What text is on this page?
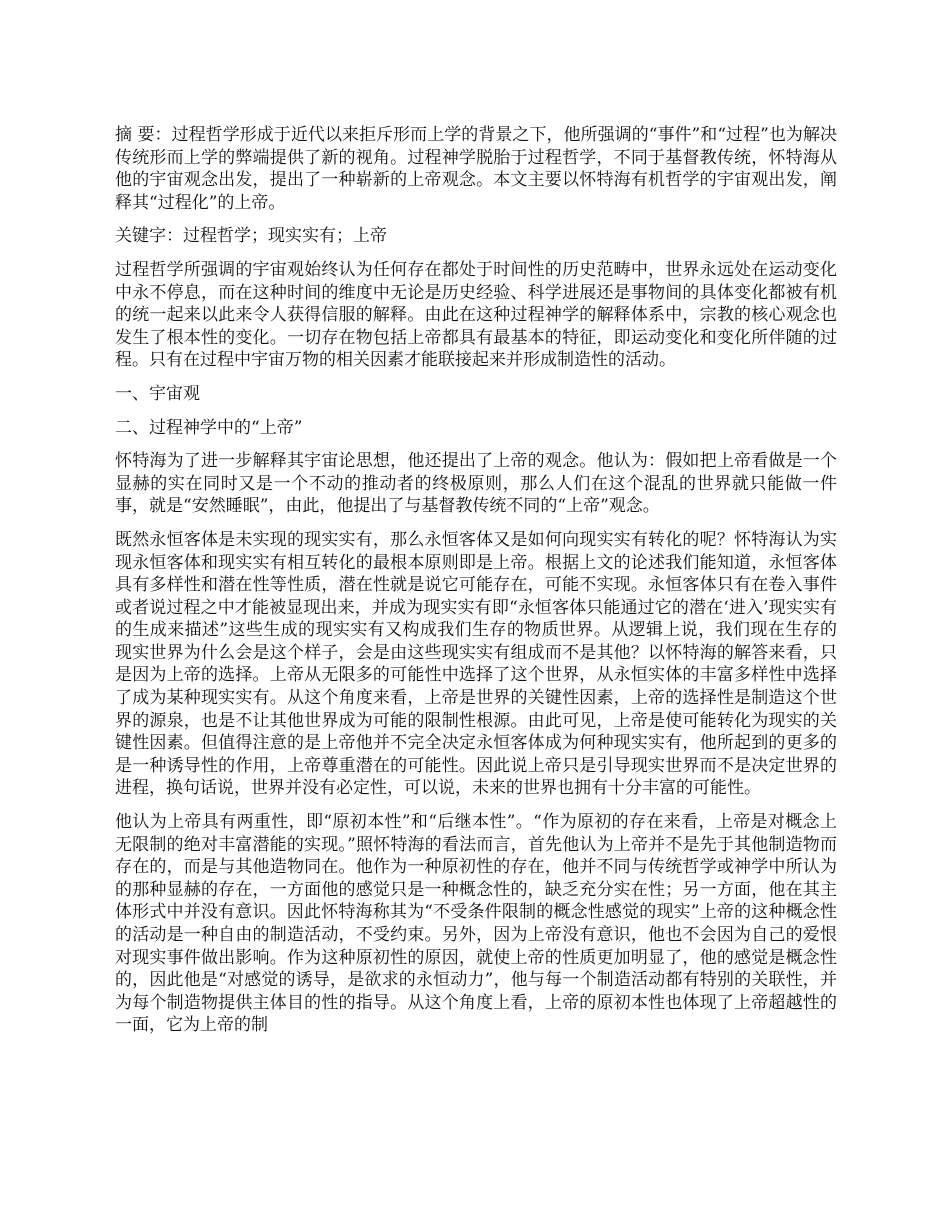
摘 要：过程哲学形成于近代以来拒斥形而上学的背景之下，他所强调的“事件”和“过程”也为解决传统形而上学的弊端提供了新的视角。过程神学脱胎于过程哲学，不同于基督教传统，怀特海从他的宇宙观念出发，提出了一种崭新的上帝观念。本文主要以怀特海有机哲学的宇宙观出发，阐释其“过程化”的上帝。

关键字：过程哲学；现实实有；上帝

过程哲学所强调的宇宙观始终认为任何存在都处于时间性的历史范畴中，世界永远处在运动变化中永不停息，而在这种时间的维度中无论是历史经验、科学进展还是事物间的具体变化都被有机的统一起来以此来令人获得信服的解释。由此在这种过程神学的解释体系中，宗教的核心观念也发生了根本性的变化。一切存在物包括上帝都具有最基本的特征，即运动变化和变化所伴随的过程。只有在过程中宇宙万物的相关因素才能联接起来并形成制造性的活动。

一、宇宙观

二、过程神学中的“上帝”

怀特海为了进一步解释其宇宙论思想，他还提出了上帝的观念。他认为：假如把上帝看做是一个显赫的实在同时又是一个不动的推动者的终极原则，那么人们在这个混乱的世界就只能做一件事，就是“安然睡眠”，由此，他提出了与基督教传统不同的“上帝”观念。

既然永恒客体是未实现的现实实有，那么永恒客体又是如何向现实实有转化的呢？怀特海认为实现永恒客体和现实实有相互转化的最根本原则即是上帝。根据上文的论述我们能知道，永恒客体具有多样性和潜在性等性质，潜在性就是说它可能存在，可能不实现。永恒客体只有在卷入事件或者说过程之中才能被显现出来，并成为现实实有即“永恒客体只能通过它的潜在‘进入’现实实有的生成来描述”这些生成的现实实有又构成我们生存的物质世界。从逻辑上说，我们现在生存的现实世界为什么会是这个样子，会是由这些现实实有组成而不是其他？以怀特海的解答来看，只是因为上帝的选择。上帝从无限多的可能性中选择了这个世界，从永恒实体的丰富多样性中选择了成为某种现实实有。从这个角度来看，上帝是世界的关键性因素，上帝的选择性是制造这个世界的源泉，也是不让其他世界成为可能的限制性根源。由此可见，上帝是使可能转化为现实的关键性因素。但值得注意的是上帝他并不完全决定永恒客体成为何种现实实有，他所起到的更多的是一种诱导性的作用，上帝尊重潜在的可能性。因此说上帝只是引导现实世界而不是决定世界的进程，换句话说，世界并没有必定性，可以说，未来的世界也拥有十分丰富的可能性。

他认为上帝具有两重性，即“原初本性”和“后继本性”。“作为原初的存在来看，上帝是对概念上无限制的绝对丰富潜能的实现。”照怀特海的看法而言，首先他认为上帝并不是先于其他制造物而存在的，而是与其他造物同在。他作为一种原初性的存在，他并不同与传统哲学或神学中所认为的那种显赫的存在，一方面他的感觉只是一种概念性的，缺乏充分实在性；另一方面，他在其主体形式中并没有意识。因此怀特海称其为“不受条件限制的概念性感觉的现实”上帝的这种概念性的活动是一种自由的制造活动，不受约束。另外，因为上帝没有意识，他也不会因为自己的爱恨对现实事件做出影响。作为这种原初性的原因，就使上帝的性质更加明显了，他的感觉是概念性的，因此他是“对感觉的诱导，是欲求的永恒动力”，他与每一个制造活动都有特别的关联性，并为每个制造物提供主体目的性的指导。从这个角度上看，上帝的原初本性也体现了上帝超越性的一面，它为上帝的制
